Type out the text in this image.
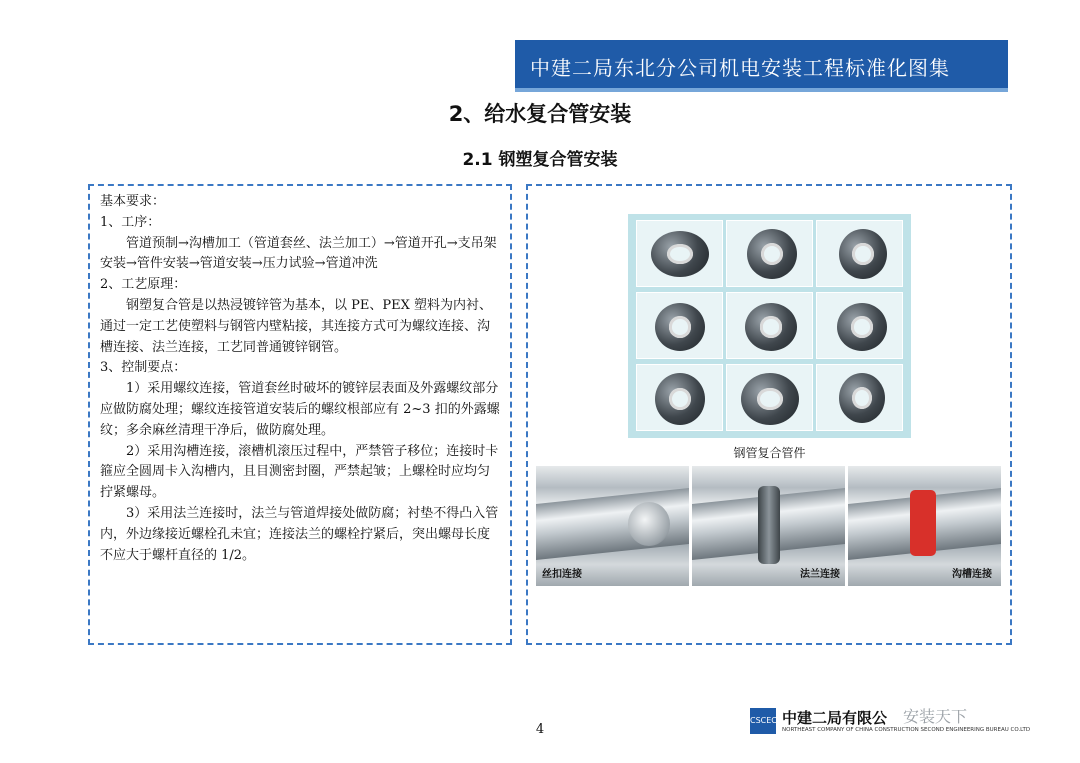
中建二局东北分公司机电安装工程标准化图集
2、给水复合管安装
2.1 钢塑复合管安装

基本要求：

1、工序：

管道预制→沟槽加工（管道套丝、法兰加工）→管道开孔→支吊架安装→管件安装→管道安装→压力试验→管道冲洗

2、工艺原理：

钢塑复合管是以热浸镀锌管为基本，以 PE、PEX 塑料为内衬、通过一定工艺使塑料与钢管内壁粘接，其连接方式可为螺纹连接、沟槽连接、法兰连接，工艺同普通镀锌钢管。

3、控制要点：

1）采用螺纹连接，管道套丝时破坏的镀锌层表面及外露螺纹部分应做防腐处理；螺纹连接管道安装后的螺纹根部应有 2~3 扣的外露螺纹；多余麻丝清理干净后，做防腐处理。

2）采用沟槽连接，滚槽机滚压过程中，严禁管子移位；连接时卡箍应全圆周卡入沟槽内，且目测密封圈，严禁起皱；上螺栓时应均匀拧紧螺母。

3）采用法兰连接时，法兰与管道焊接处做防腐；衬垫不得凸入管内，外边缘接近螺栓孔未宜；连接法兰的螺栓拧紧后，突出螺母长度不应大于螺杆直径的 1/2。

钢管复合管件
丝扣连接	法兰连接	沟槽连接
4
CSCEC 中建二局有限公
NORTHEAST COMPANY OF CHINA CONSTRUCTION SECOND ENGINEERING BUREAU CO.LTD
安装天下
